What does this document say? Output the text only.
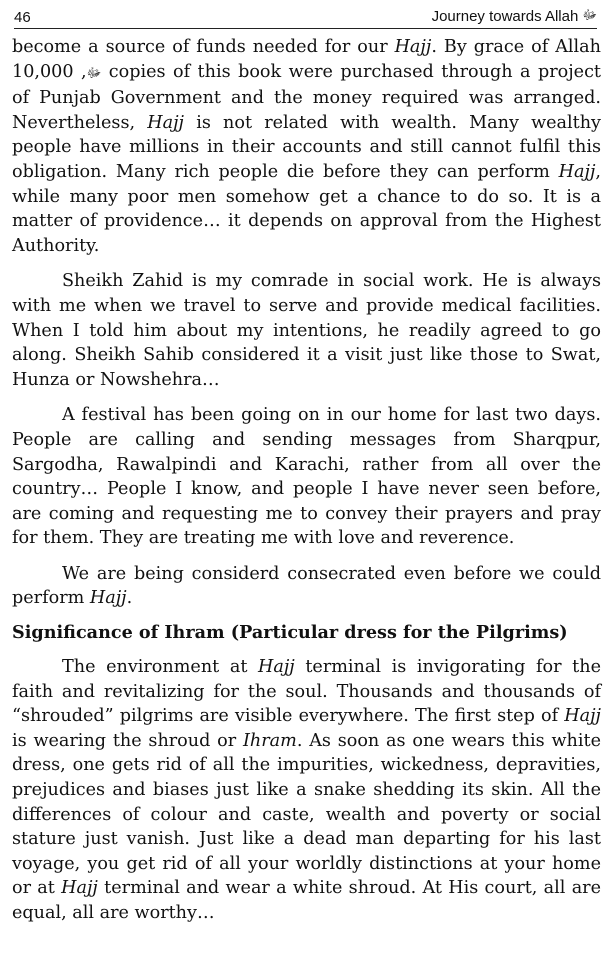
46	Journey towards Allah ﷻ

become a source of funds needed for our Hajj. By grace of Allah ﷻ, 10,000 copies of this book were purchased through a project of Punjab Government and the money required was arranged. Nevertheless, Hajj is not related with wealth. Many wealthy people have millions in their accounts and still cannot fulfil this obligation. Many rich people die before they can perform Hajj, while many poor men somehow get a chance to do so. It is a matter of providence… it depends on approval from the Highest Authority.

Sheikh Zahid is my comrade in social work. He is always with me when we travel to serve and provide medical facilities. When I told him about my intentions, he readily agreed to go along. Sheikh Sahib considered it a visit just like those to Swat, Hunza or Nowshehra…

A festival has been going on in our home for last two days. People are calling and sending messages from Sharqpur, Sargodha, Rawalpindi and Karachi, rather from all over the country… People I know, and people I have never seen before, are coming and requesting me to convey their prayers and pray for them. They are treating me with love and reverence.

We are being considerd consecrated even before we could perform Hajj.

Significance of Ihram (Particular dress for the Pilgrims)

The environment at Hajj terminal is invigorating for the faith and revitalizing for the soul. Thousands and thousands of “shrouded” pilgrims are visible everywhere. The first step of Hajj is wearing the shroud or Ihram. As soon as one wears this white dress, one gets rid of all the impurities, wickedness, depravities, prejudices and biases just like a snake shedding its skin. All the differences of colour and caste, wealth and poverty or social stature just vanish. Just like a dead man departing for his last voyage, you get rid of all your worldly distinctions at your home or at Hajj terminal and wear a white shroud. At His court, all are equal, all are worthy…
